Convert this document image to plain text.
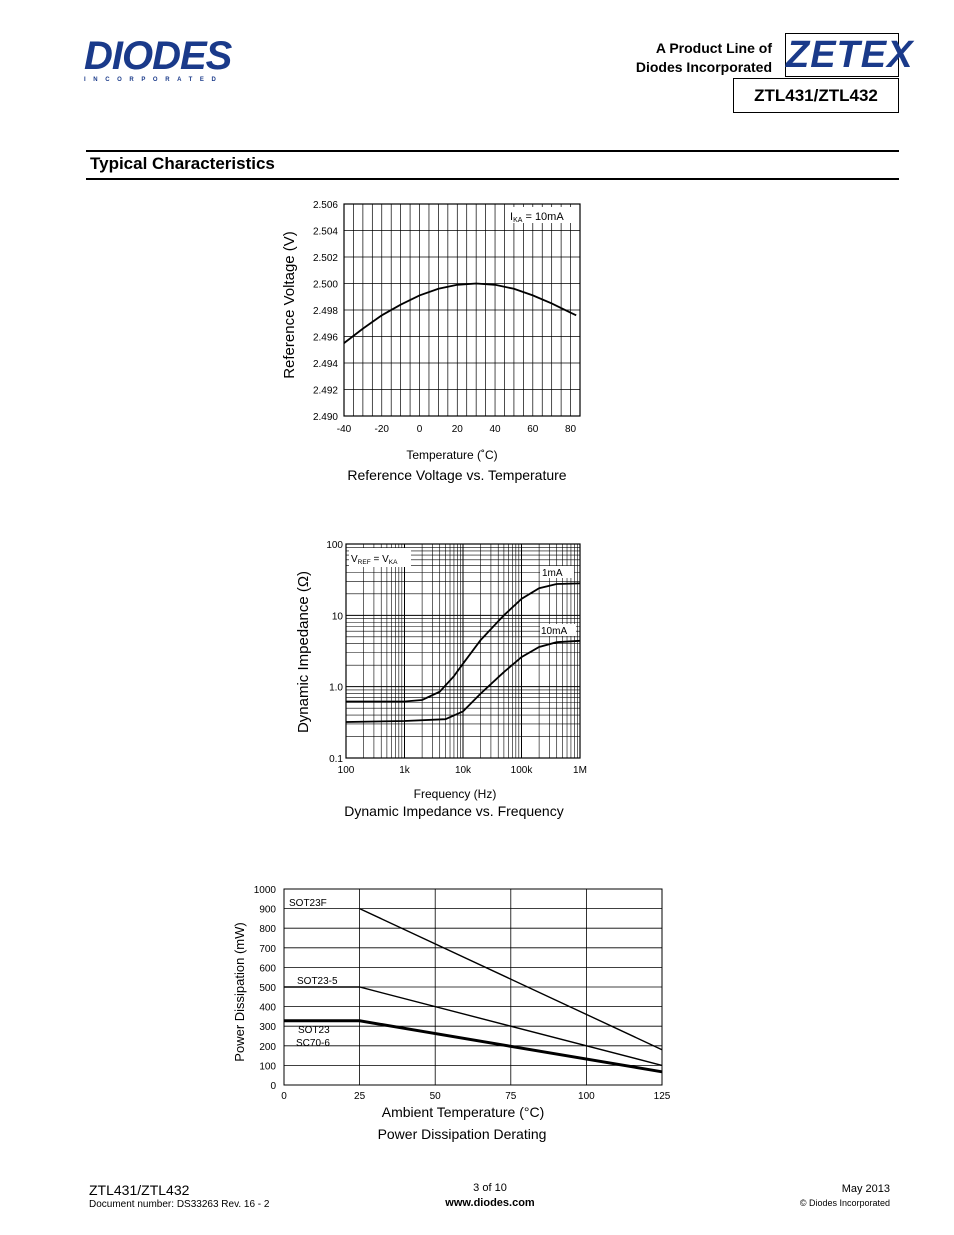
DIODES
INCORPORATED
A Product Line of
Diodes Incorporated ZETEX
ZTL431/ZTL432
Typical Characteristics
2.506
2.504
2.502
2.500
2.498
2.496
2.494
2.492
2.490
-40 -20	0	20	40	60	80
IKA = 10mA
Reference Voltage (V)
Temperature (˚C)
Reference Voltage vs. Temperature
100
10
1.0
0.1
100	1k	10k	100k	1M
$V_{REF} = V_{KA}$
1mA
10mA
Dynamic Impedance (Ω)
Frequency (Hz)
Dynamic Impedance vs. Frequency
1000
900
800
700
600
500
400
300
200
100
0
0	25	50	75	100	125
SOT23F
SOT23-5
SOT23
SC70-6
Power Dissipation (mW)
Ambient Temperature (°C)
Power Dissipation Derating
ZTL431/ZTL432
Document number: DS33263 Rev. 16 - 2
3 of 10
www.diodes.com
May 2013
© Diodes Incorporated
